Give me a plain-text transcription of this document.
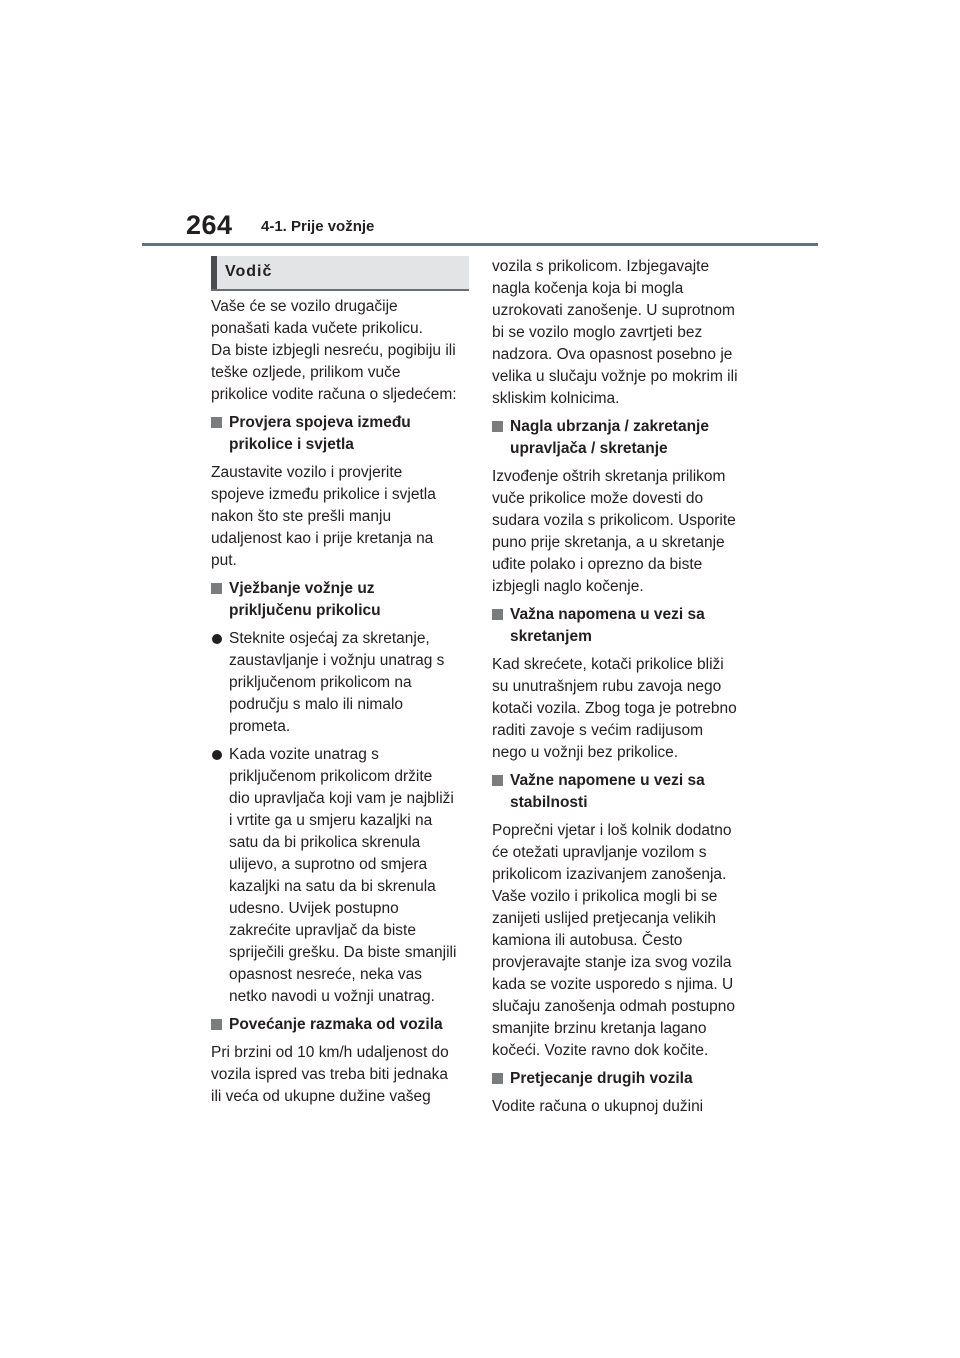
264 4-1. Prije vožnje
Vodič

Vaše će se vozilo drugačije
ponašati kada vučete prikolicu.
Da biste izbjegli nesreću, pogibiju ili
teške ozljede, prilikom vuče
prikolice vodite računa o sljedećem:

Provjera spojeva između
prikolice i svjetla

Zaustavite vozilo i provjerite
spojeve između prikolice i svjetla
nakon što ste prešli manju
udaljenost kao i prije kretanja na
put.

Vježbanje vožnje uz
priključenu prikolicu
Steknite osjećaj za skretanje,
zaustavljanje i vožnju unatrag s
priključenom prikolicom na
području s malo ili nimalo
prometa.
Kada vozite unatrag s
priključenom prikolicom držite
dio upravljača koji vam je najbliži
i vrtite ga u smjeru kazaljki na
satu da bi prikolica skrenula
ulijevo, a suprotno od smjera
kazaljki na satu da bi skrenula
udesno. Uvijek postupno
zakrećite upravljač da biste
spriječili grešku. Da biste smanjili
opasnost nesreće, neka vas
netko navodi u vožnji unatrag.
Povećanje razmaka od vozila

Pri brzini od 10 km/h udaljenost do
vozila ispred vas treba biti jednaka
ili veća od ukupne dužine vašeg

vozila s prikolicom. Izbjegavajte
nagla kočenja koja bi mogla
uzrokovati zanošenje. U suprotnom
bi se vozilo moglo zavrtjeti bez
nadzora. Ova opasnost posebno je
velika u slučaju vožnje po mokrim ili
skliskim kolnicima.

Nagla ubrzanja / zakretanje
upravljača / skretanje

Izvođenje oštrih skretanja prilikom
vuče prikolice može dovesti do
sudara vozila s prikolicom. Usporite
puno prije skretanja, a u skretanje
uđite polako i oprezno da biste
izbjegli naglo kočenje.

Važna napomena u vezi sa
skretanjem

Kad skrećete, kotači prikolice bliži
su unutrašnjem rubu zavoja nego
kotači vozila. Zbog toga je potrebno
raditi zavoje s većim radijusom
nego u vožnji bez prikolice.

Važne napomene u vezi sa
stabilnosti

Poprečni vjetar i loš kolnik dodatno
će otežati upravljanje vozilom s
prikolicom izazivanjem zanošenja.
Vaše vozilo i prikolica mogli bi se
zanijeti uslijed pretjecanja velikih
kamiona ili autobusa. Često
provjeravajte stanje iza svog vozila
kada se vozite usporedo s njima. U
slučaju zanošenja odmah postupno
smanjite brzinu kretanja lagano
kočeći. Vozite ravno dok kočite.

Pretjecanje drugih vozila

Vodite računa o ukupnoj dužini
